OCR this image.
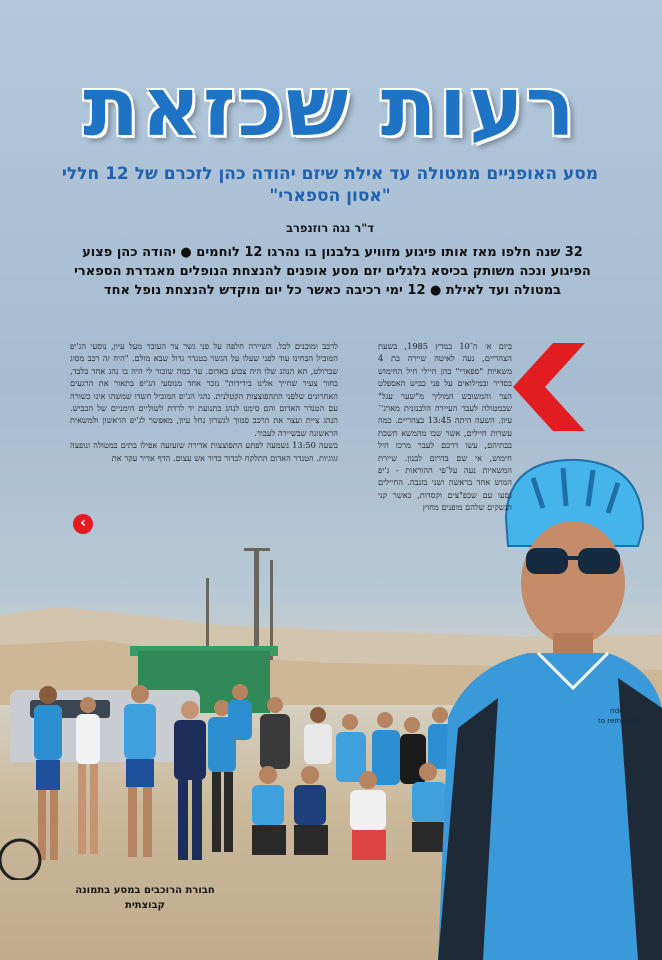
ride
to remember
רעות שכזאת
מסע האופניים ממטולה עד אילת שיזם יהודה כהן לזכרם של 12 חללי "אסון הספארי"
ד"ר נגה רוזנפרב
32 שנה חלפו מאז אותו פיגוע מזוויע בלבנון בו נהרגו 12 לוחמים ● יהודה כהן פצוע הפיגוע ונכה משותק בכיסא גלגלים יזם מסע אופנים להנצחת הנופלים מאגדרת הספארי במטולה ועד לאילת ● 12 ימי רכיבה כאשר כל יום מוקדש להנצחת נופל אחד

ביום א׳ ה־10 במרץ 1985, בשעת הצהריים, נעה לאיטה שיירה בת 4 משאיות "ספארי" בהן חיילי חיל החימוש בסדיר ובמילואים על פני כביש האספלט הצר והמשובש המוליך מ"שער עגל" שבמטולה לעבר העיירה הלבנונית מארג'־עיון. השעה היתה 13:45 בצהריים. כמה עשרות חיילים, אשר שבו מהמשא חשבת בבתיהם, עשו דרכם לעבר מרכז חיל חימוש, אי שם בדרום לבנון. שיירת המשאיות נעה על־פי ההוראות - ג'יפ המוש אחד בראשה ושני בזנבה. החיילים נסעו עם שכפ"צים וקסדות, כאשר קני הנשקים שלהם מופנים מחוץ

לרכב ומוכנים לכל. השיירה חלפה על פני גשר צר העובר מעל עיון, נוסעי הג'יפ המוביל הבחינו עוד לפני שעלו על הגשר בטנדר גדול שבא מולם. "היה זה רכב מסוג שברולט, תא הנהג שלו היה צבוע באדום. עד כמה שזכור לי היה בו נהג אחד בלבד, בחור צעיר שחייך אלינו בידידות" נזכר אחד מנוסעי הג'יפ בתאור את הרגעים האחרונים שלפני התהפוצצות הקטלנית. נהגי הג'יפ המוביל חשדו שמשהו אינו כשורה עם הטנדר האדום והם סימנו לנהג בתנועת יד לרדת לשוליים הימניים של הכביש. הנהג ציית ועצר את הרכב סמוך לגשרון נחל עיון, מאפשר לג'יפ הראשון ולמשאית הראשונה שבשיירה לעבור.

בשעה 13:50 נשמעה לפתע התפוצצות אדירה שזעזעה אפילו בתים במטולה ונופצה זגוגיות. הטנדר האדום התלקח לכדור כדור אש עצום. הדף אדיר עקר את

‹
חבורת הרוכבים במסע בתמונה קבוצתית
